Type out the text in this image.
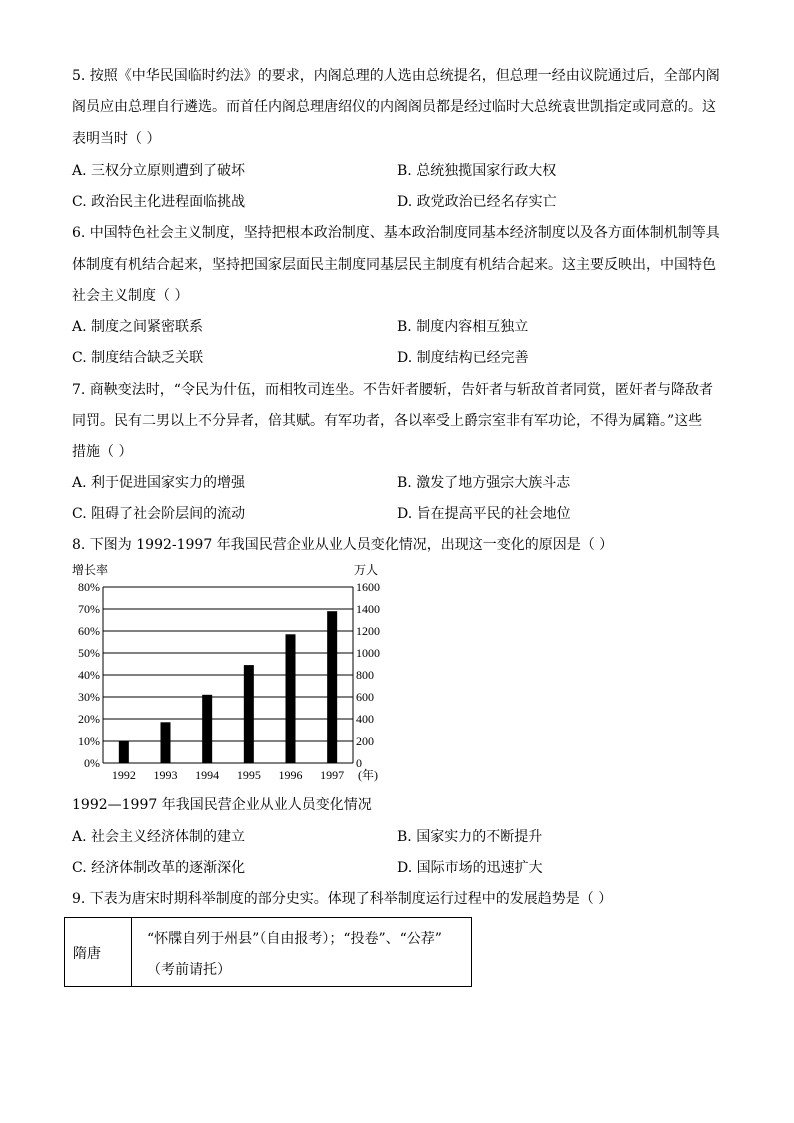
5. 按照《中华民国临时约法》的要求，内阁总理的人选由总统提名，但总理一经由议院通过后，全部内阁
阁员应由总理自行遴选。而首任内阁总理唐绍仪的内阁阁员都是经过临时大总统袁世凯指定或同意的。这
表明当时（ ）
A. 三权分立原则遭到了破坏	B. 总统独揽国家行政大权
C. 政治民主化进程面临挑战	D. 政党政治已经名存实亡
6. 中国特色社会主义制度，坚持把根本政治制度、基本政治制度同基本经济制度以及各方面体制机制等具
体制度有机结合起来，坚持把国家层面民主制度同基层民主制度有机结合起来。这主要反映出，中国特色
社会主义制度（ ）
A. 制度之间紧密联系	B. 制度内容相互独立
C. 制度结合缺乏关联	D. 制度结构已经完善
7. 商鞅变法时，“令民为什伍，而相牧司连坐。不告奸者腰斩，告奸者与斩敌首者同赏，匿奸者与降敌者
同罚。民有二男以上不分异者，倍其赋。有军功者，各以率受上爵宗室非有军功论，不得为属籍。”这些
措施（ ）
A. 利于促进国家实力的增强	B. 激发了地方强宗大族斗志
C. 阻碍了社会阶层间的流动	D. 旨在提高平民的社会地位
8. 下图为 1992-1997 年我国民营企业从业人员变化情况，出现这一变化的原因是（ ）
增长率	万人
80%	1600
70%	1400
60%	1200
50%	1000
40%	800
30%	600
20%	400
10%	200
0%	0
1992 1993 1994 1995 1996 1997 (年)
1992—1997 年我国民营企业从业人员变化情况
A. 社会主义经济体制的建立	B. 国家实力的不断提升
C. 经济体制改革的逐渐深化	D. 国际市场的迅速扩大
9. 下表为唐宋时期科举制度的部分史实。体现了科举制度运行过程中的发展趋势是（ ）
隋唐
“怀牒自列于州县”（自由报考）；“投卷”、“公荐”
（考前请托）
